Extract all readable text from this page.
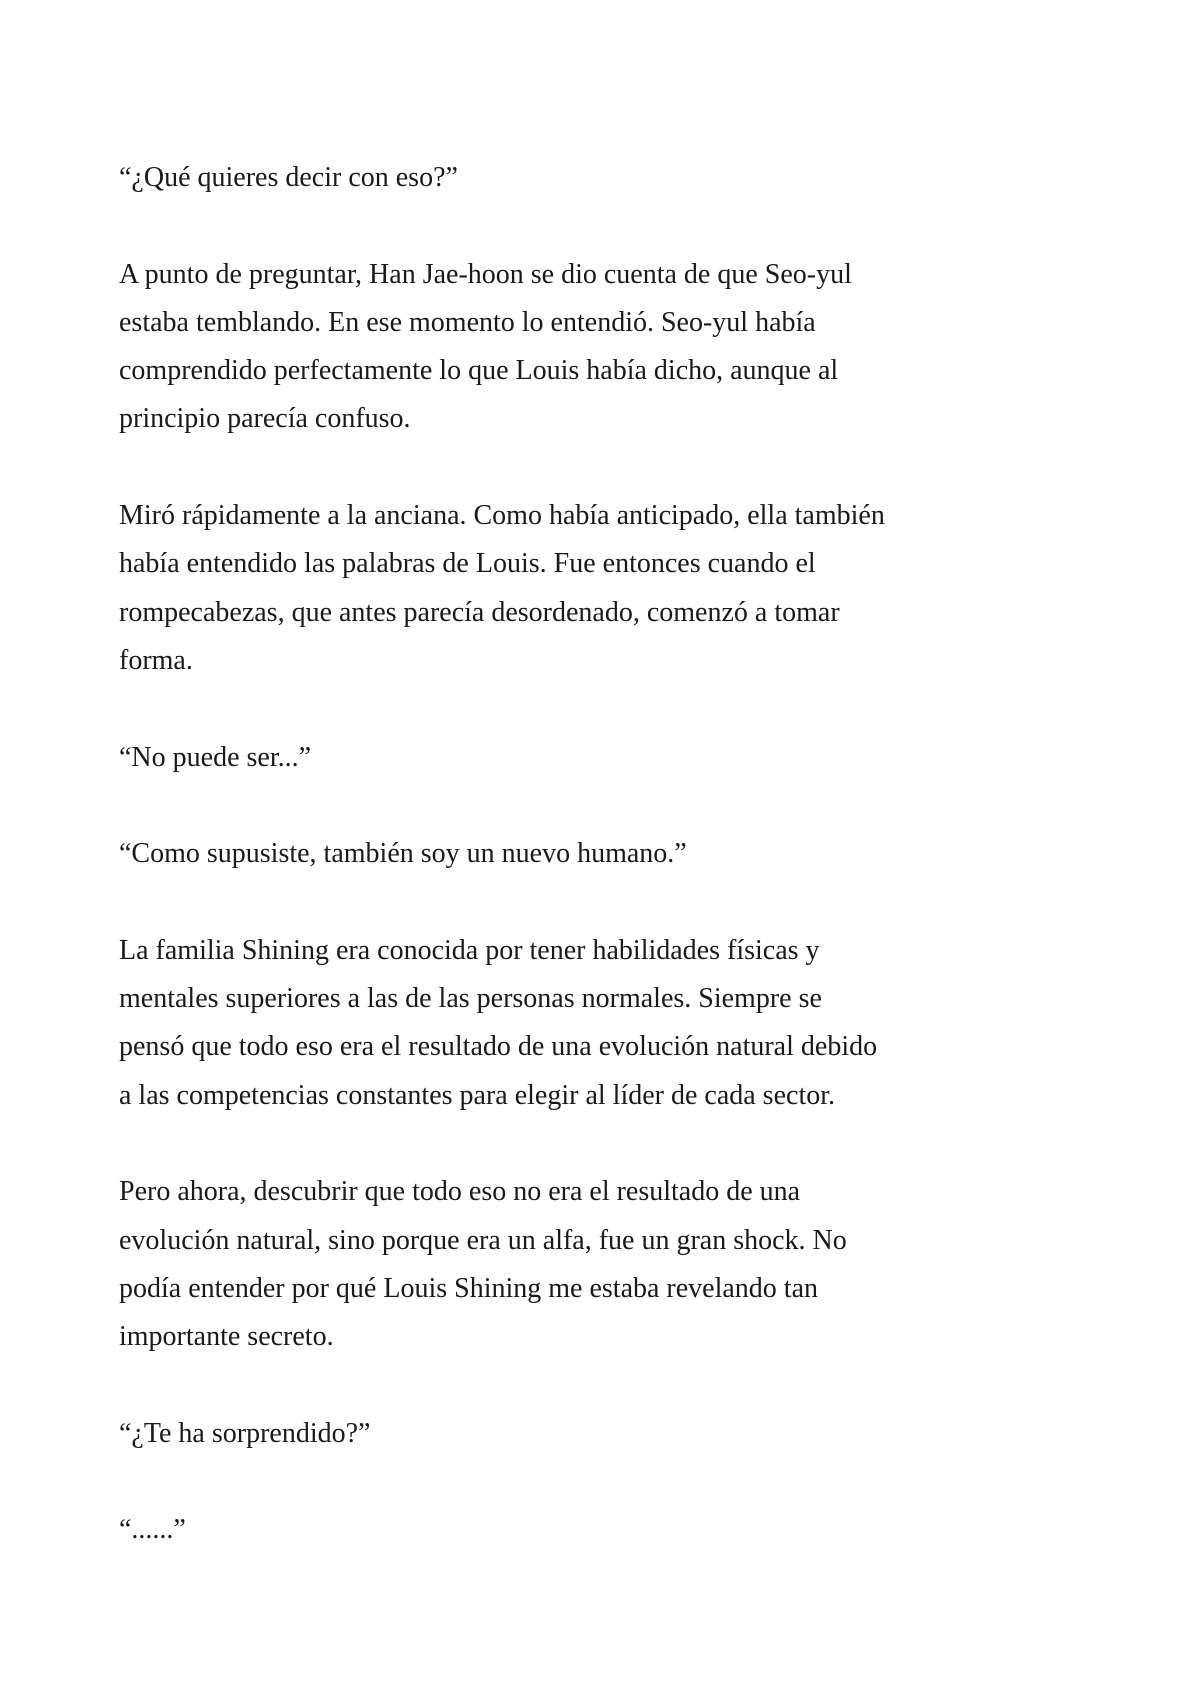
“¿Qué quieres decir con eso?”

A punto de preguntar, Han Jae-hoon se dio cuenta de que Seo-yul
estaba temblando. En ese momento lo entendió. Seo-yul había
comprendido perfectamente lo que Louis había dicho, aunque al
principio parecía confuso.

Miró rápidamente a la anciana. Como había anticipado, ella también
había entendido las palabras de Louis. Fue entonces cuando el
rompecabezas, que antes parecía desordenado, comenzó a tomar
forma.

“No puede ser...”

“Como supusiste, también soy un nuevo humano.”

La familia Shining era conocida por tener habilidades físicas y
mentales superiores a las de las personas normales. Siempre se
pensó que todo eso era el resultado de una evolución natural debido
a las competencias constantes para elegir al líder de cada sector.

Pero ahora, descubrir que todo eso no era el resultado de una
evolución natural, sino porque era un alfa, fue un gran shock. No
podía entender por qué Louis Shining me estaba revelando tan
importante secreto.

“¿Te ha sorprendido?”

“......”
